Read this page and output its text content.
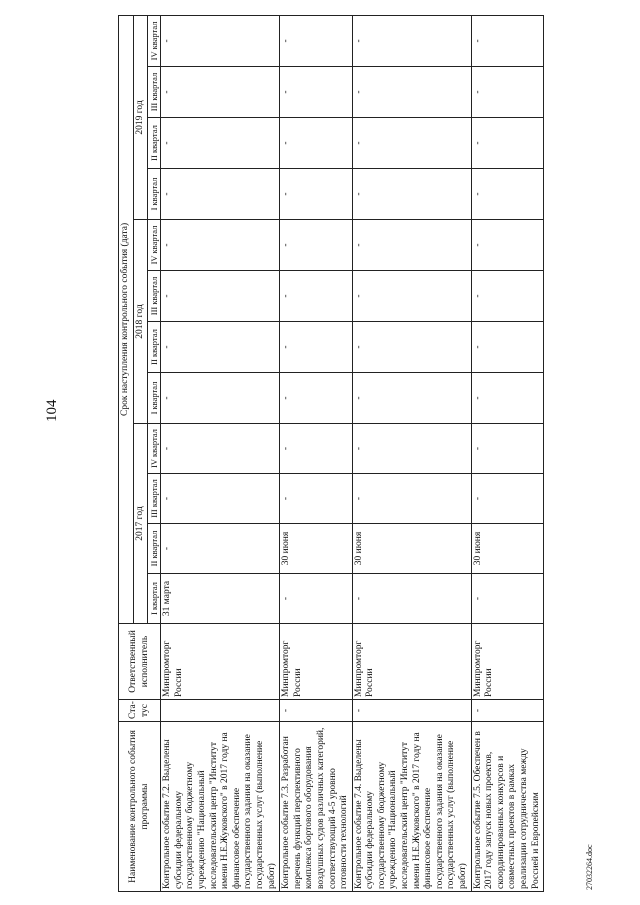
104
27032264.doc
Наименование контрольного события программы	Ста-тус	Ответственный исполнитель	Срок наступления контрольного события (дата)											
			2017 год				2018 год				2019 год			
			I квартал	II квартал	III квартал	IV квартал	I квартал	II квартал	III квартал	IV квартал	I квартал	II квартал	III квартал	IV квартал
Контрольное событие 7.2. Выделены субсидии федеральному государственному бюджетному учреждению "Национальный исследовательский центр "Институт имени Н.Е.Жуковского" в 2017 году на финансовое обеспечение государственного задания на оказание государственных услуг (выполнение работ)		Минпромторг России	31 марта	-	-	-	-	-	-	-	-	-	-	-
Контрольное событие 7.3. Разработан перечень функций перспективного комплекса бортового оборудования воздушных судов различных категорий, соответствующий 4-5 уровню готовности технологий	-	Минпромторг России	-	30 июня	-	-	-	-	-	-	-	-	-	-
Контрольное событие 7.4. Выделены субсидии федеральному государственному бюджетному учреждению "Национальный исследовательский центр "Институт имени Н.Е.Жуковского" в 2017 году на финансовое обеспечение государственного задания на оказание государственных услуг (выполнение работ)	-	Минпромторг России	-	30 июня	-	-	-	-	-	-	-	-	-	-
Контрольное событие 7.5. Обеспечен в 2017 году запуск новых проектов, скоординированных конкурсов и совместных проектов в рамках реализации сотрудничества между Россией и Европейским	-	Минпромторг России	-	30 июня	-	-	-	-	-	-	-	-	-	-
